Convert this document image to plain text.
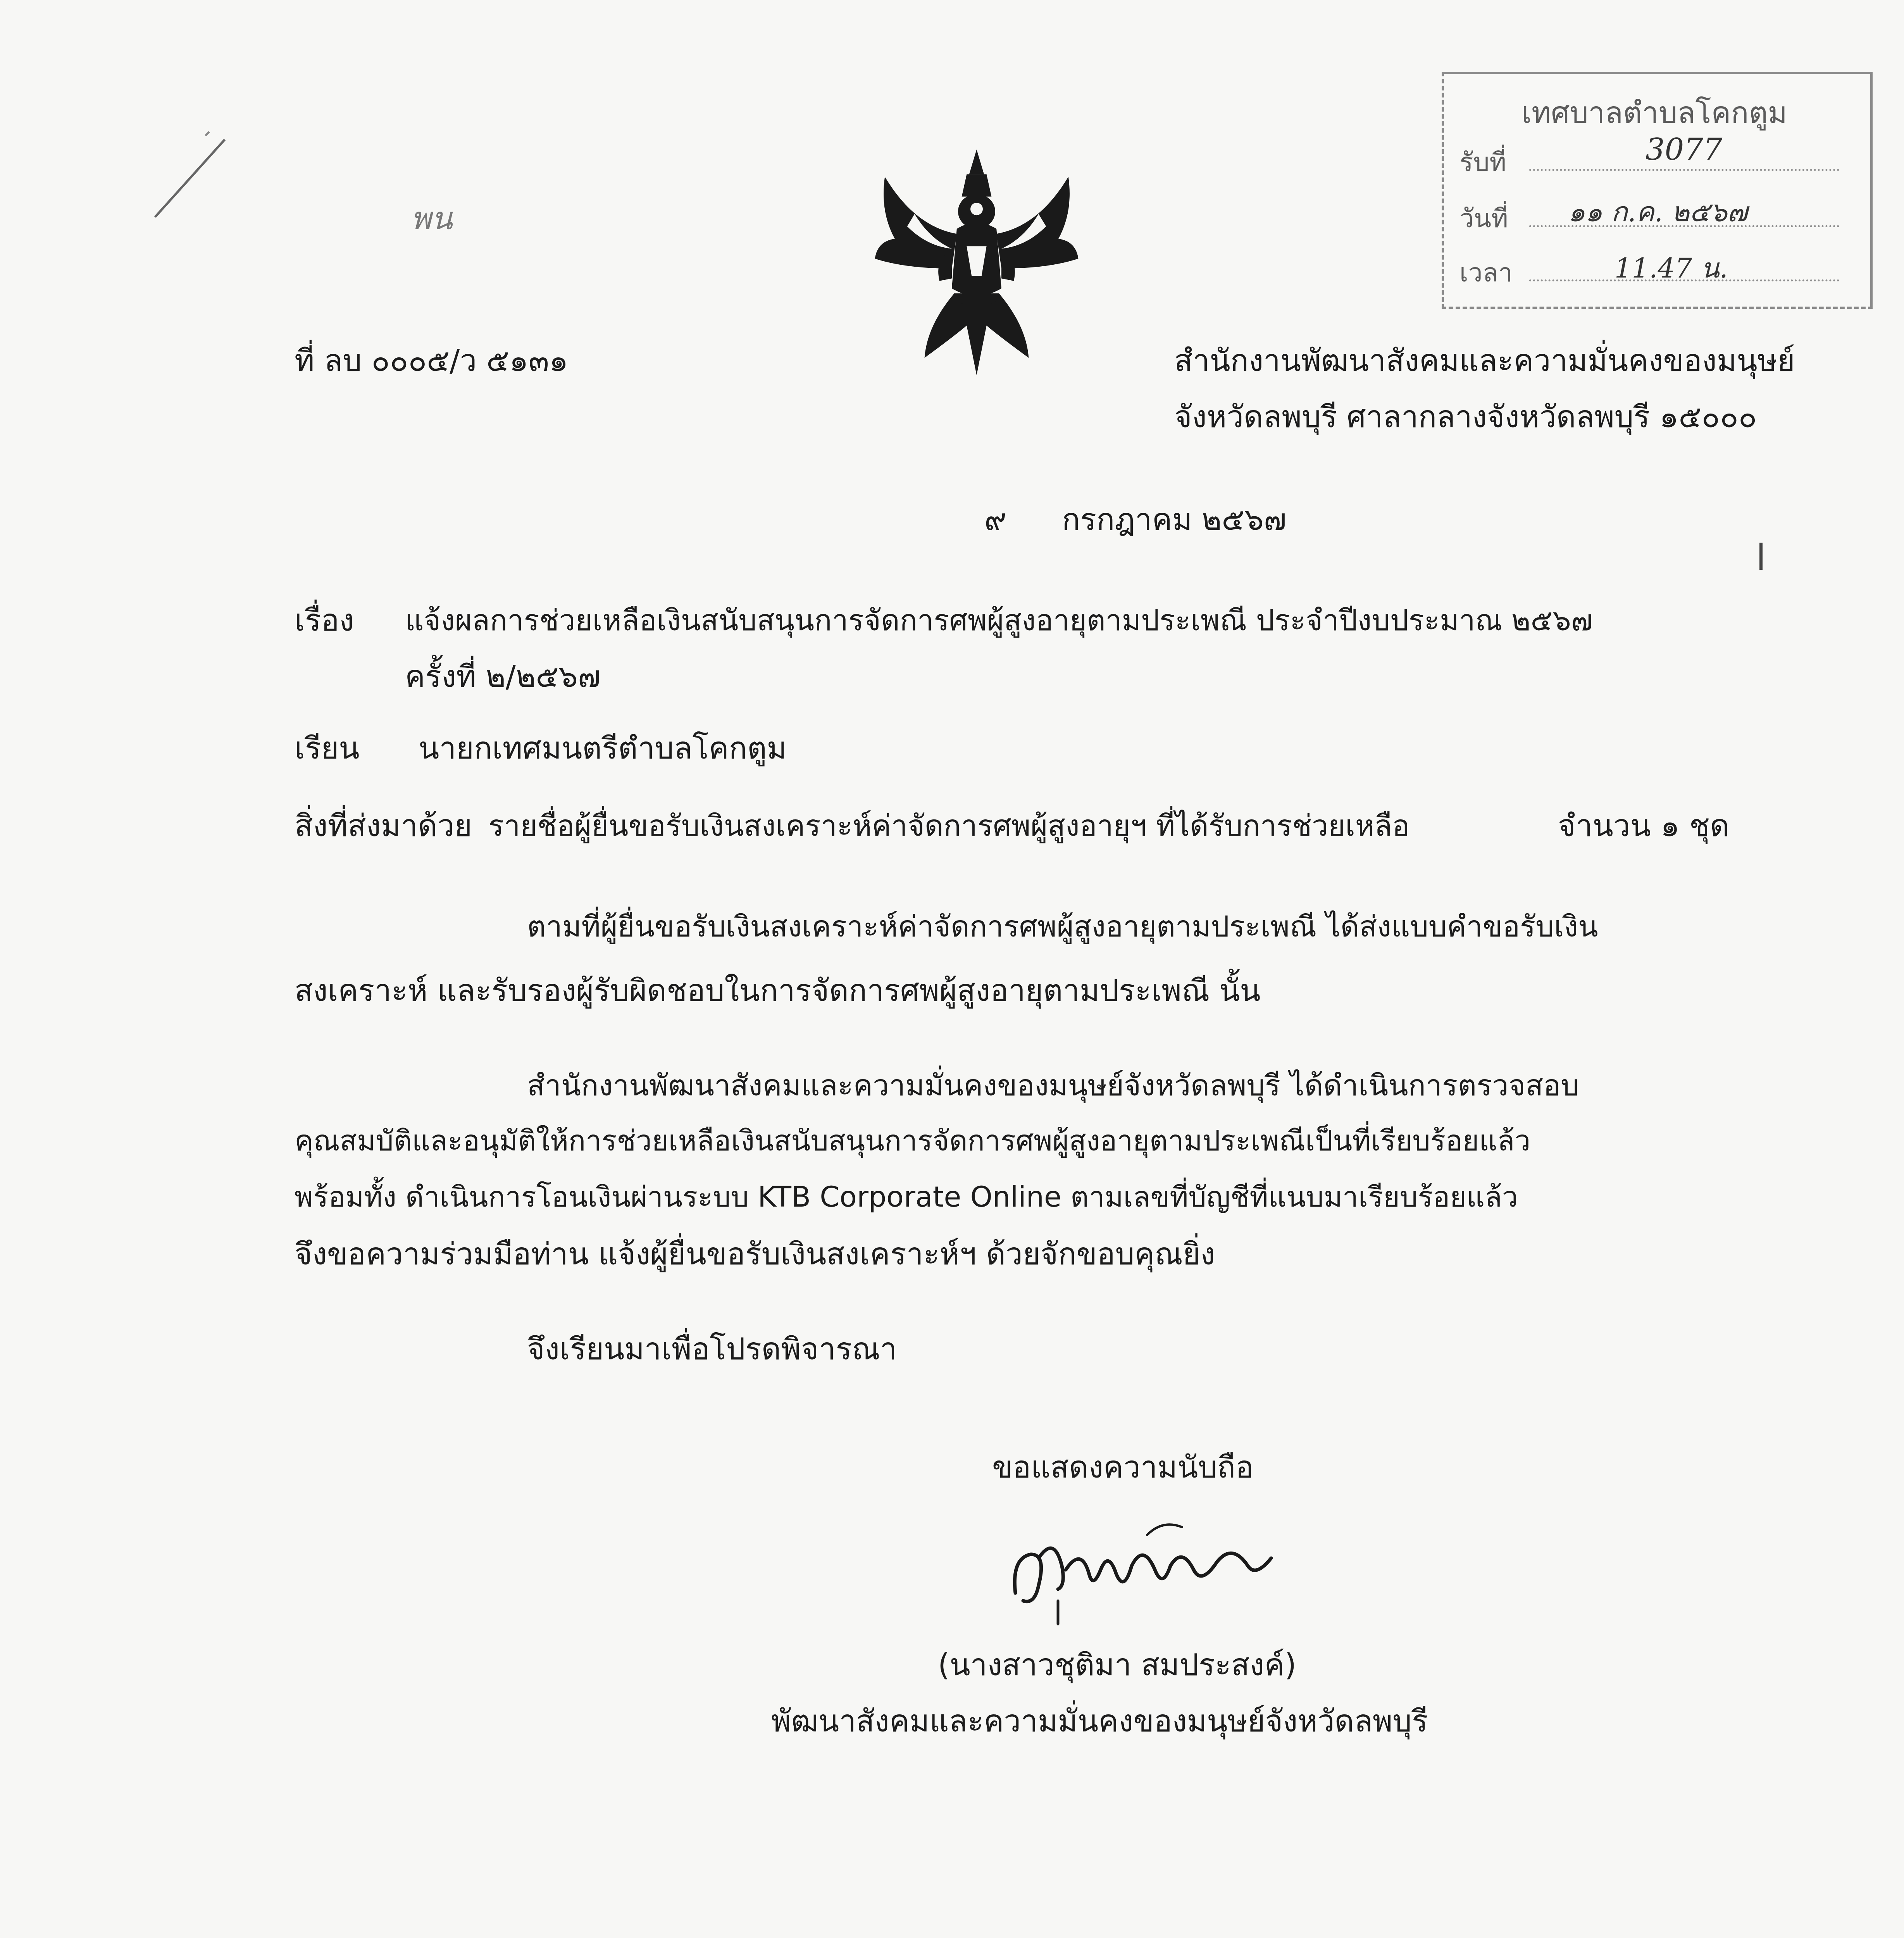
พน
เทศบาลตำบลโคกตูม
รับที่	3077
วันที่ ๑๑ ก.ค. ๒๕๖๗
เวลา	11.47 น.
ที่ ลบ ๐๐๐๕/ว ๕๑๓๑	สำนักงานพัฒนาสังคมและความมั่นคงของมนุษย์
จังหวัดลพบุรี ศาลากลางจังหวัดลพบุรี ๑๕๐๐๐
๙ กรกฎาคม ๒๕๖๗
เรื่อง แจ้งผลการช่วยเหลือเงินสนับสนุนการจัดการศพผู้สูงอายุตามประเพณี ประจำปีงบประมาณ ๒๕๖๗
ครั้งที่ ๒/๒๕๖๗
เรียน นายกเทศมนตรีตำบลโคกตูม
สิ่งที่ส่งมาด้วย รายชื่อผู้ยื่นขอรับเงินสงเคราะห์ค่าจัดการศพผู้สูงอายุฯ ที่ได้รับการช่วยเหลือ	จำนวน ๑ ชุด
ตามที่ผู้ยื่นขอรับเงินสงเคราะห์ค่าจัดการศพผู้สูงอายุตามประเพณี ได้ส่งแบบคำขอรับเงิน
สงเคราะห์ และรับรองผู้รับผิดชอบในการจัดการศพผู้สูงอายุตามประเพณี นั้น
สำนักงานพัฒนาสังคมและความมั่นคงของมนุษย์จังหวัดลพบุรี ได้ดำเนินการตรวจสอบ
คุณสมบัติและอนุมัติให้การช่วยเหลือเงินสนับสนุนการจัดการศพผู้สูงอายุตามประเพณีเป็นที่เรียบร้อยแล้ว
พร้อมทั้ง ดำเนินการโอนเงินผ่านระบบ KTB Corporate Online ตามเลขที่บัญชีที่แนบมาเรียบร้อยแล้ว
จึงขอความร่วมมือท่าน แจ้งผู้ยื่นขอรับเงินสงเคราะห์ฯ ด้วยจักขอบคุณยิ่ง
จึงเรียนมาเพื่อโปรดพิจารณา
ขอแสดงความนับถือ
(นางสาวชุติมา สมประสงค์)
พัฒนาสังคมและความมั่นคงของมนุษย์จังหวัดลพบุรี
